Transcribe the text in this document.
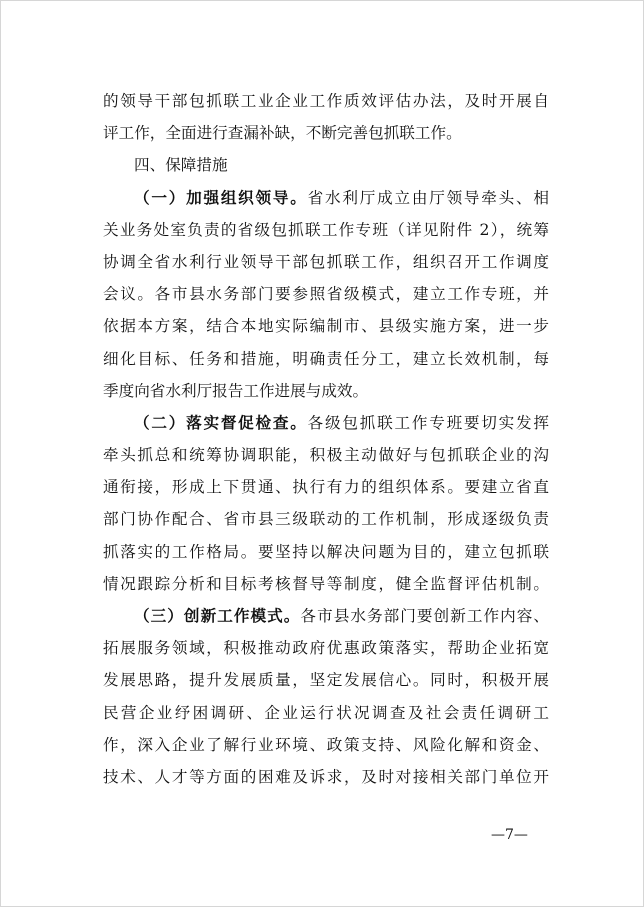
的领导干部包抓联工业企业工作质效评估办法，及时开展自
评工作，全面进行查漏补缺，不断完善包抓联工作。
四、保障措施
（一）加强组织领导。省水利厅成立由厅领导牵头、相
关业务处室负责的省级包抓联工作专班（详见附件 2），统筹
协调全省水利行业领导干部包抓联工作，组织召开工作调度
会议。各市县水务部门要参照省级模式，建立工作专班，并
依据本方案，结合本地实际编制市、县级实施方案，进一步
细化目标、任务和措施，明确责任分工，建立长效机制，每
季度向省水利厅报告工作进展与成效。
（二）落实督促检查。各级包抓联工作专班要切实发挥
牵头抓总和统筹协调职能，积极主动做好与包抓联企业的沟
通衔接，形成上下贯通、执行有力的组织体系。要建立省直
部门协作配合、省市县三级联动的工作机制，形成逐级负责
抓落实的工作格局。要坚持以解决问题为目的，建立包抓联
情况跟踪分析和目标考核督导等制度，健全监督评估机制。
（三）创新工作模式。各市县水务部门要创新工作内容、
拓展服务领域，积极推动政府优惠政策落实，帮助企业拓宽
发展思路，提升发展质量，坚定发展信心。同时，积极开展
民营企业纾困调研、企业运行状况调查及社会责任调研工
作，深入企业了解行业环境、政策支持、风险化解和资金、
技术、人才等方面的困难及诉求，及时对接相关部门单位开
—7—
